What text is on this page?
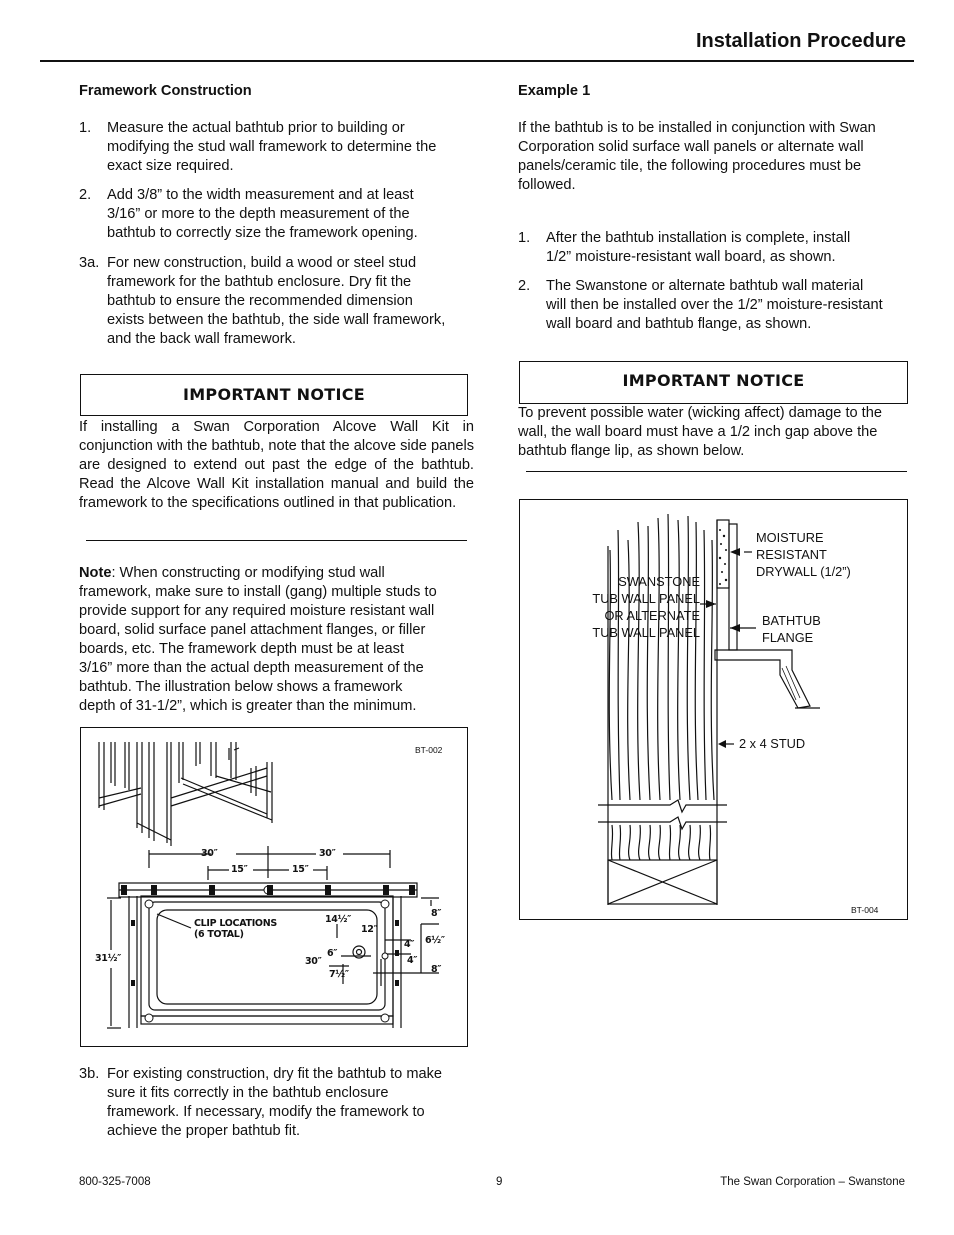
Installation Procedure
Framework Construction
1. Measure the actual bathtub prior to building or
modifying the stud wall framework to determine the
exact size required.
2. Add 3/8” to the width measurement and at least
3/16” or more to the depth measurement of the
bathtub to correctly size the framework opening.
3a. For new construction, build a wood or steel stud
framework for the bathtub enclosure. Dry fit the
bathtub to ensure the recommended dimension
exists between the bathtub, the side wall framework,
and the back wall framework.
IMPORTANT NOTICE
If installing a Swan Corporation Alcove Wall Kit in conjunction with the bathtub, note that the alcove side panels are designed to extend out past the edge of the bathtub. Read the Alcove Wall Kit installation manual and build the framework to the specifications outlined in that publication.
Note: When constructing or modifying stud wall
framework, make sure to install (gang) multiple studs to
provide support for any required moisture resistant wall
board, solid surface panel attachment flanges, or filler
boards, etc. The framework depth must be at least
3/16” more than the actual depth measurement of the
bathtub. The illustration below shows a framework
depth of 31-1/2”, which is greater than the minimum.
BT-002
30″	30″
15″	15″
31½″
CLIP LOCATIONS
(6 TOTAL)
14½″
12″
8″
4″ 6½″
6″
30″	4″
7½″	8″
3b. For existing construction, dry fit the bathtub to make
sure it fits correctly in the bathtub enclosure
framework. If necessary, modify the framework to
achieve the proper bathtub fit.
Example 1
If the bathtub is to be installed in conjunction with Swan
Corporation solid surface wall panels or alternate wall
panels/ceramic tile, the following procedures must be
followed.
1. After the bathtub installation is complete, install
1/2” moisture-resistant wall board, as shown.
2. The Swanstone or alternate bathtub wall material
will then be installed over the 1/2” moisture-resistant
wall board and bathtub flange, as shown.
IMPORTANT NOTICE
To prevent possible water (wicking affect) damage to the
wall, the wall board must have a 1/2 inch gap above the
bathtub flange lip, as shown below.
MOISTURE
RESISTANT
DRYWALL (1/2”)
SWANSTONE
TUB WALL PANEL
OR ALTERNATE
TUB WALL PANEL
BATHTUB
FLANGE
2 x 4 STUD
BT-004
800-325-7008	9	The Swan Corporation – Swanstone
